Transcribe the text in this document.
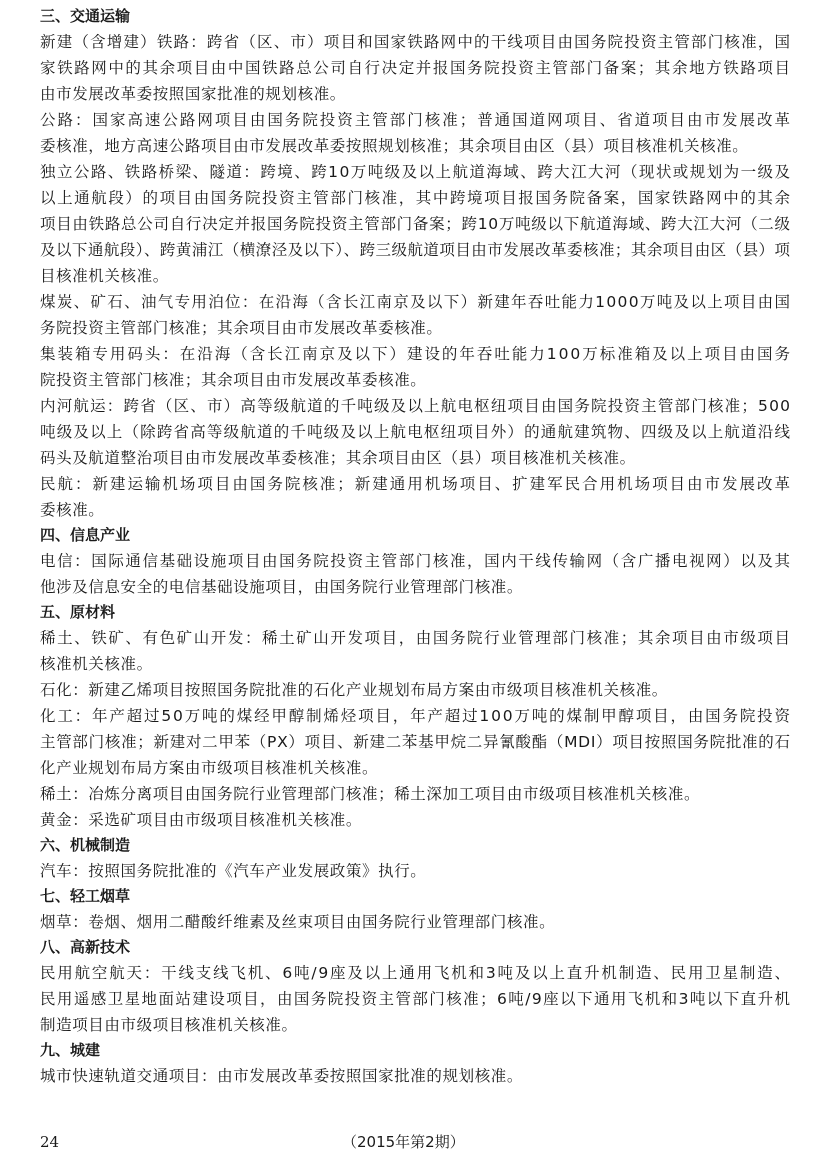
三、交通运输
新建（含增建）铁路：跨省（区、市）项目和国家铁路网中的干线项目由国务院投资主管部门核准，国
家铁路网中的其余项目由中国铁路总公司自行决定并报国务院投资主管部门备案；其余地方铁路项目
由市发展改革委按照国家批准的规划核准。
公路：国家高速公路网项目由国务院投资主管部门核准；普通国道网项目、省道项目由市发展改革
委核准，地方高速公路项目由市发展改革委按照规划核准；其余项目由区（县）项目核准机关核准。
独立公路、铁路桥梁、隧道：跨境、跨10万吨级及以上航道海域、跨大江大河（现状或规划为一级及
以上通航段）的项目由国务院投资主管部门核准，其中跨境项目报国务院备案，国家铁路网中的其余
项目由铁路总公司自行决定并报国务院投资主管部门备案；跨10万吨级以下航道海域、跨大江大河（二级
及以下通航段）、跨黄浦江（横潦泾及以下）、跨三级航道项目由市发展改革委核准；其余项目由区（县）项
目核准机关核准。
煤炭、矿石、油气专用泊位：在沿海（含长江南京及以下）新建年吞吐能力1000万吨及以上项目由国
务院投资主管部门核准；其余项目由市发展改革委核准。
集装箱专用码头：在沿海（含长江南京及以下）建设的年吞吐能力100万标准箱及以上项目由国务
院投资主管部门核准；其余项目由市发展改革委核准。
内河航运：跨省（区、市）高等级航道的千吨级及以上航电枢纽项目由国务院投资主管部门核准；500
吨级及以上（除跨省高等级航道的千吨级及以上航电枢纽项目外）的通航建筑物、四级及以上航道沿线
码头及航道整治项目由市发展改革委核准；其余项目由区（县）项目核准机关核准。
民航：新建运输机场项目由国务院核准；新建通用机场项目、扩建军民合用机场项目由市发展改革
委核准。
四、信息产业
电信：国际通信基础设施项目由国务院投资主管部门核准，国内干线传输网（含广播电视网）以及其
他涉及信息安全的电信基础设施项目，由国务院行业管理部门核准。
五、原材料
稀土、铁矿、有色矿山开发：稀土矿山开发项目，由国务院行业管理部门核准；其余项目由市级项目
核准机关核准。
石化：新建乙烯项目按照国务院批准的石化产业规划布局方案由市级项目核准机关核准。
化工：年产超过50万吨的煤经甲醇制烯烃项目，年产超过100万吨的煤制甲醇项目，由国务院投资
主管部门核准；新建对二甲苯（PX）项目、新建二苯基甲烷二异氰酸酯（MDI）项目按照国务院批准的石
化产业规划布局方案由市级项目核准机关核准。
稀土：冶炼分离项目由国务院行业管理部门核准；稀土深加工项目由市级项目核准机关核准。
黄金：采选矿项目由市级项目核准机关核准。
六、机械制造
汽车：按照国务院批准的《汽车产业发展政策》执行。
七、轻工烟草
烟草：卷烟、烟用二醋酸纤维素及丝束项目由国务院行业管理部门核准。
八、高新技术
民用航空航天：干线支线飞机、6吨/9座及以上通用飞机和3吨及以上直升机制造、民用卫星制造、
民用遥感卫星地面站建设项目，由国务院投资主管部门核准；6吨/9座以下通用飞机和3吨以下直升机
制造项目由市级项目核准机关核准。
九、城建
城市快速轨道交通项目：由市发展改革委按照国家批准的规划核准。
24	（2015年第2期）
